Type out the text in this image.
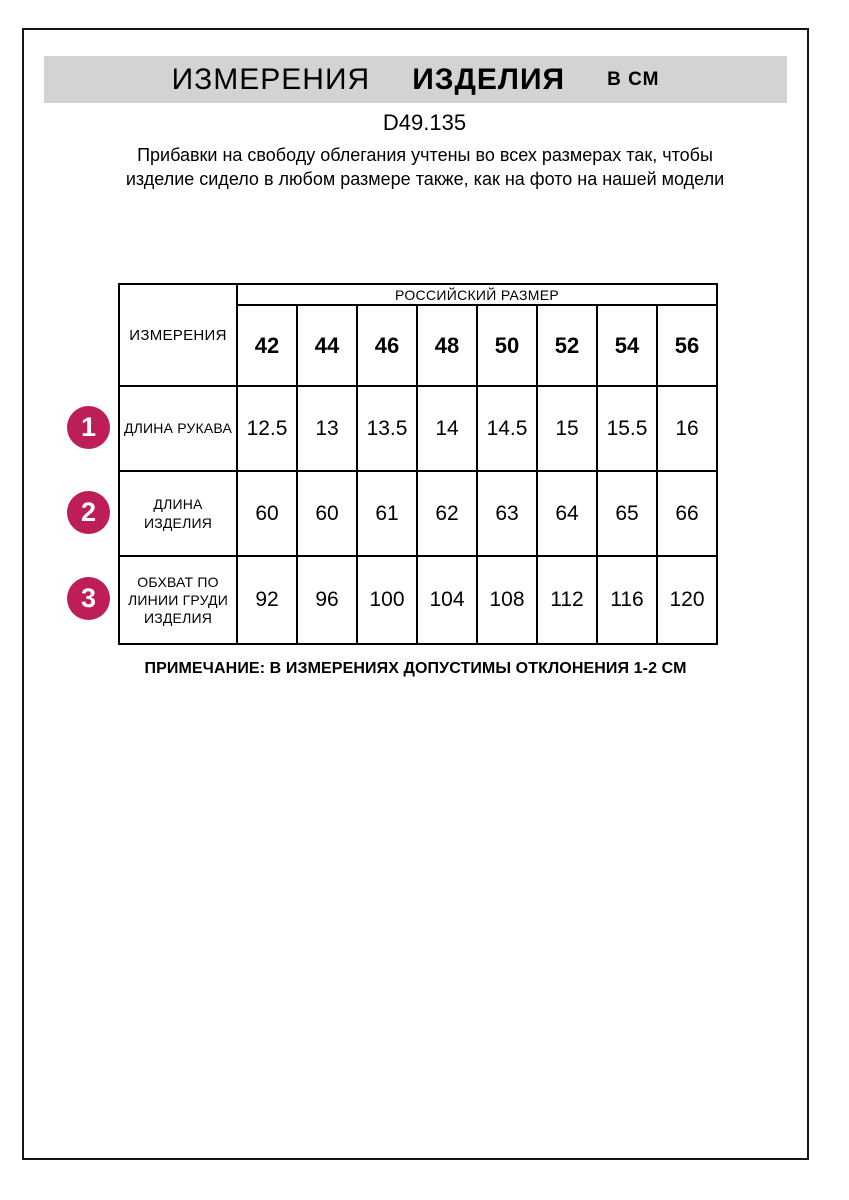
ИЗМЕРЕНИЯ ИЗДЕЛИЯ В СМ
D49.135
Прибавки на свободу облегания учтены во всех размерах так, чтобы изделие сидело в любом размере также, как на фото на нашей модели
ИЗМЕРЕНИЯ	РОССИЙСКИЙ РАЗМЕР							
	42	44	46	48	50	52	54	56
ДЛИНА РУКАВА	12.5	13	13.5	14	14.5	15	15.5	16
ДЛИНА ИЗДЕЛИЯ	60	60	61	62	63	64	65	66
ОБХВАТ ПО ЛИНИИ ГРУДИ ИЗДЕЛИЯ	92	96	100	104	108	112	116	120
1
2
3
ПРИМЕЧАНИЕ: В ИЗМЕРЕНИЯХ ДОПУСТИМЫ ОТКЛОНЕНИЯ 1-2 СМ
